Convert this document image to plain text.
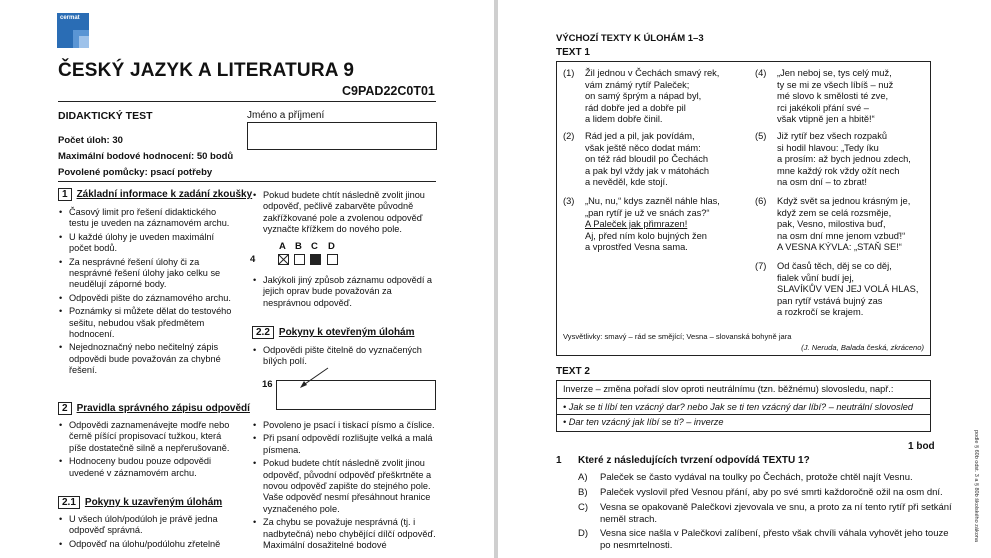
cermat
ČESKÝ JAZYK A LITERATURA 9
C9PAD22C0T01
DIDAKTICKÝ TEST	Jméno a příjmení
Počet úloh: 30
Maximální bodové hodnocení: 50 bodů
Povolené pomůcky: psací potřeby
1 Základní informace k zadání zkoušky
• Časový limit pro řešení didaktického testu je uveden na záznamovém archu.
• U každé úlohy je uveden maximální počet bodů.
• Za nesprávné řešení úlohy či za nesprávné řešení úlohy jako celku se neudělují záporné body.
• Odpovědi pište do záznamového archu.
• Poznámky si můžete dělat do testového sešitu, nebudou však předmětem hodnocení.
• Nejednoznačný nebo nečitelný zápis odpovědi bude považován za chybné řešení.
2 Pravidla správného zápisu odpovědí
• Odpovědi zaznamenávejte modře nebo černě píšící propisovací tužkou, která píše dostatečně silně a nepřerušovaně.
• Hodnoceny budou pouze odpovědi uvedené v záznamovém archu.
2.1 Pokyny k uzavřeným úlohám
• U všech úloh/podúloh je právě jedna odpověď správná.
• Odpověď na úlohu/podúlohu zřetelně
• Pokud budete chtít následně zvolit jinou odpověď, pečlivě zabarvěte původně zakřížkované pole a zvolenou odpověď vyznačte křížkem do nového pole.
A B C D
4
• Jakýkoli jiný způsob záznamu odpovědí a jejich oprav bude považován za nesprávnou odpověď.
2.2 Pokyny k otevřeným úlohám
• Odpovědi pište čitelně do vyznačených bílých polí.
16
• Povoleno je psací i tiskací písmo a číslice.
• Při psaní odpovědí rozlišujte velká a malá písmena.
• Pokud budete chtít následně zvolit jinou odpověď, původní odpověď přeškrtněte a novou odpověď zapište do stejného pole. Vaše odpověď nesmí přesáhnout hranice vyznačeného pole.
• Za chybu se považuje nesprávná (tj. i nadbytečná) nebo chybějící dílčí odpověď. Maximální dosažitelné bodové
VÝCHOZÍ TEXTY K ÚLOHÁM 1–3
TEXT 1
(1) Žil jednou v Čechách smavý rek,
vám známý rytíř Paleček;
on samý šprým a nápad byl,
rád dobře jed a dobře pil
a lidem dobře činil.
(2) Rád jed a pil, jak povídám,
však ještě něco dodat mám:
on též rád bloudil po Čechách
a pak byl vždy jak v mátohách
a nevěděl, kde stojí.
(3) „Nu, nu,“ kdys zazněl náhle hlas,
„pan rytíř je už ve snách zas?“
A Paleček jak přimrazen!
Aj, před ním kolo bujných žen
a vprostřed Vesna sama.
(4) „Jen neboj se, tys celý muž,
ty se mi ze všech líbíš – nuž
mé slovo k smělosti té zve,
rci jakékoli přání své –
však vtipně jen a hbitě!“
(5) Již rytíř bez všech rozpaků
si hodil hlavou: „Tedy íku
a prosím: až bych jednou zdech,
mne každý rok vždy ožít nech
na osm dní – to zbrat!
(6) Když svět sa jednou krásným je,
když zem se celá rozsměje,
pak, Vesno, milostiva buď,
na osm dní mne jenom vzbuď!“
A VESNA KÝVLA: „STAŇ SE!“
(7) Od časů těch, děj se co děj,
fialek vůní budí jej,
SLAVÍKŮV VEN JEJ VOLÁ HLAS,
pan rytíř vstává bujný zas
a rozkročí se krajem.
Vysvětlivky: smavý – rád se smějící; Vesna – slovanská bohyně jara
(J. Neruda, Balada česká, zkráceno)
TEXT 2
Inverze – změna pořadí slov oproti neutrálnímu (tzn. běžnému) slovosledu, např.:
• Jak se ti líbí ten vzácný dar? nebo Jak se ti ten vzácný dar líbí? – neutrální slovosled
• Dar ten vzácný jak líbí se ti? – inverze
1 bod
1 Které z následujících tvrzení odpovídá TEXTU 1?
A) Paleček se často vydával na toulky po Čechách, protože chtěl najít Vesnu.
B) Paleček vyslovil před Vesnou přání, aby po své smrti každoročně ožil na osm dní.
C) Vesna se opakovaně Palečkovi zjevovala ve snu, a proto za ní tento rytíř při setkání neměl strach.
D) Vesna sice našla v Palečkovi zalíbení, přesto však chvíli váhala vyhovět jeho touze po nesmrtelnosti.
podle § 60b odst. 3 a § 80b školského zákona
